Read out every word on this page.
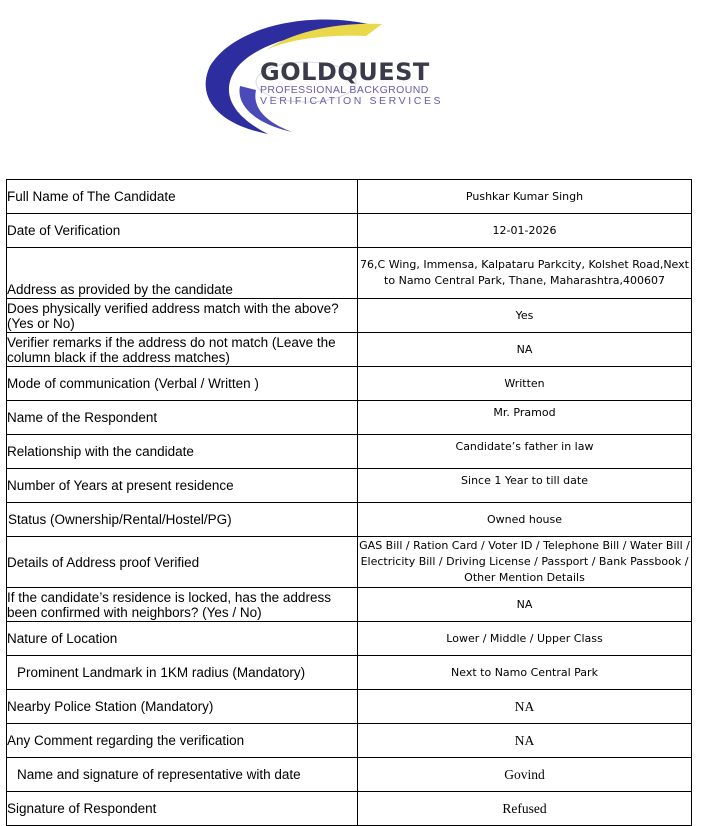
GOLDQUEST
PROFESSIONAL BACKGROUND
VERIFICATION SERVICES
Full Name of The Candidate	Pushkar Kumar Singh
Date of Verification	12-01-2026
Address as provided by the candidate	76,C Wing, Immensa, Kalpataru Parkcity, Kolshet Road,Next to Namo Central Park, Thane, Maharashtra,400607
Does physically verified address match with the above? (Yes or No)	Yes
Verifier remarks if the address do not match (Leave the column black if the address matches)	NA
Mode of communication (Verbal / Written )	Written
Name of the Respondent	Mr. Pramod
Relationship with the candidate	Candidate’s father in law
Number of Years at present residence	Since 1 Year to till date
Status (Ownership/Rental/Hostel/PG)	Owned house
Details of Address proof Verified	GAS Bill / Ration Card / Voter ID / Telephone Bill / Water Bill / Electricity Bill / Driving License / Passport / Bank Passbook / Other Mention Details
If the candidate’s residence is locked, has the address been confirmed with neighbors? (Yes / No)	NA
Nature of Location	Lower / Middle / Upper Class
Prominent Landmark in 1KM radius (Mandatory)	Next to Namo Central Park
Nearby Police Station (Mandatory)	NA
Any Comment regarding the verification	NA
Name and signature of representative with date	Govind
Signature of Respondent	Refused
